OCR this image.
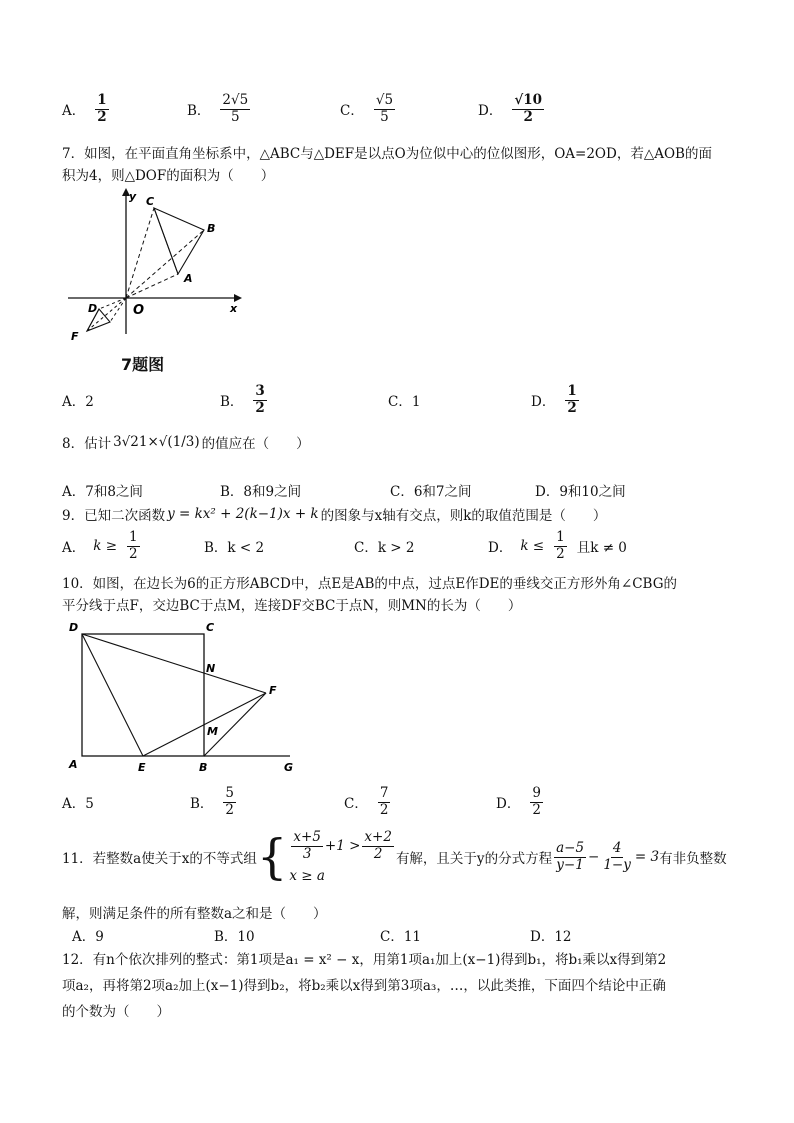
A． $\frac{1}{2}$	B． $\frac{2√5}{5}$	C． $\frac{√5}{5}$	D． $\frac{√10}{2}$
7．如图，在平面直角坐标系中，△ABC与△DEF是以点O为位似中心的位似图形，OA=2OD，若△AOB的面
积为4，则△DOF的面积为（　　）
y
x
O
C
B
A
D
F
7题图
A．2	B． $\frac{3}{2}$	C．1	D． $\frac{1}{2}$
8．估计 3√21×√(1/3) 的值应在（　　）
A．7和8之间	B．8和9之间	C．6和7之间	D．9和10之间
9．已知二次函数 y = kx² + 2(k−1)x + k 的图象与x轴有交点，则k的取值范围是（　　）
A． $k \ge \frac{1}{2}$	B．k < 2	C．k > 2	D． $k \le \frac{1}{2}$ 且k ≠ 0
10．如图，在边长为6的正方形ABCD中，点E是AB的中点，过点E作DE的垂线交正方形外角∠CBG的
平分线于点F，交边BC于点M，连接DF交BC于点N，则MN的长为（　　）
D	C
N
F
M
A	E	B	G
A．5	B． $\frac{5}{2}$	C． $\frac{7}{2}$	D． $\frac{9}{2}$
11．若整数a使关于x的不等式组 { $\frac{x+5}{3} +1 > \frac{x+2}{2}$
x ≥ a
有解，且关于y的分式方程 $\frac{a-5}{y-1} - \frac{4}{1-y} = 3$ 有非负整数
解，则满足条件的所有整数a之和是（　　）
A．9	B．10	C．11	D．12
12．有n个依次排列的整式：第1项是a₁ = x² − x，用第1项a₁加上(x−1)得到b₁，将b₁乘以x得到第2
项a₂，再将第2项a₂加上(x−1)得到b₂，将b₂乘以x得到第3项a₃，…，以此类推，下面四个结论中正确
的个数为（　　）
